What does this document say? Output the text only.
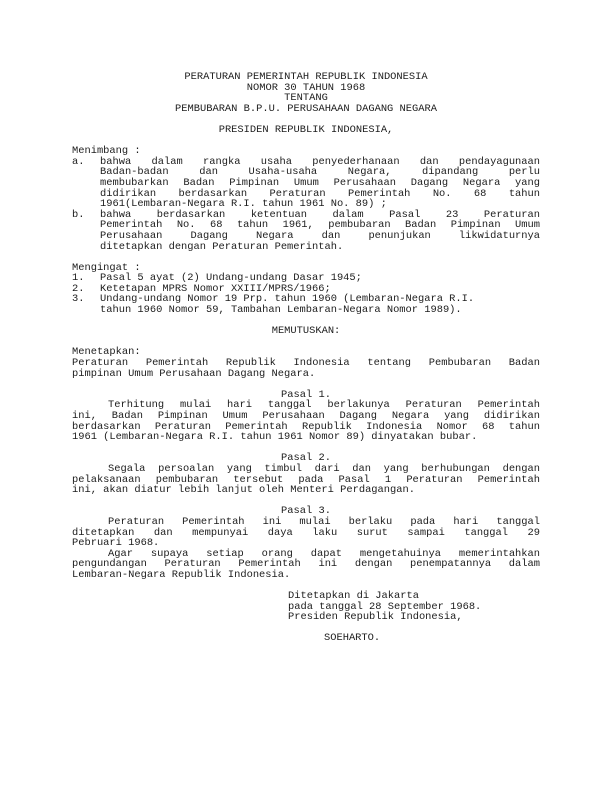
PERATURAN PEMERINTAH REPUBLIK INDONESIA
NOMOR 30 TAHUN 1968
TENTANG
PEMBUBARAN B.P.U. PERUSAHAAN DAGANG NEGARA
PRESIDEN REPUBLIK INDONESIA,
Menimbang :
a.	bahwa dalam rangka usaha penyederhanaan dan pendayagunaan
Badan-badan dan Usaha-usaha Negara, dipandang perlu
membubarkan Badan Pimpinan Umum Perusahaan Dagang Negara yang
didirikan berdasarkan Peraturan Pemerintah No. 68 tahun
1961(Lembaran-Negara R.I. tahun 1961 No. 89) ;
b.	bahwa berdasarkan ketentuan dalam Pasal 23 Peraturan
Pemerintah No. 68 tahun 1961, pembubaran Badan Pimpinan Umum
Perusahaan Dagang Negara dan penunjukan likwidaturnya
ditetapkan dengan Peraturan Pemerintah.
Mengingat :
1.	Pasal 5 ayat (2) Undang-undang Dasar 1945;
2.	Ketetapan MPRS Nomor XXIII/MPRS/1966;
3.	Undang-undang Nomor 19 Prp. tahun 1960 (Lembaran-Negara R.I.
tahun 1960 Nomor 59, Tambahan Lembaran-Negara Nomor 1989).
MEMUTUSKAN:
Menetapkan:
Peraturan Pemerintah Republik Indonesia tentang Pembubaran Badan
pimpinan Umum Perusahaan Dagang Negara.
Pasal 1.
Terhitung mulai hari tanggal berlakunya Peraturan Pemerintah
ini, Badan Pimpinan Umum Perusahaan Dagang Negara yang didirikan
berdasarkan Peraturan Pemerintah Republik Indonesia Nomor 68 tahun
1961 (Lembaran-Negara R.I. tahun 1961 Nomor 89) dinyatakan bubar.
Pasal 2.
Segala persoalan yang timbul dari dan yang berhubungan dengan
pelaksanaan pembubaran tersebut pada Pasal 1 Peraturan Pemerintah
ini, akan diatur lebih lanjut oleh Menteri Perdagangan.
Pasal 3.
Peraturan Pemerintah ini mulai berlaku pada hari tanggal
ditetapkan dan mempunyai daya laku surut sampai tanggal 29
Pebruari 1968.
Agar supaya setiap orang dapat mengetahuinya memerintahkan
pengundangan Peraturan Pemerintah ini dengan penempatannya dalam
Lembaran-Negara Republik Indonesia.
Ditetapkan di Jakarta
pada tanggal 28 September 1968.
Presiden Republik Indonesia,
SOEHARTO.
